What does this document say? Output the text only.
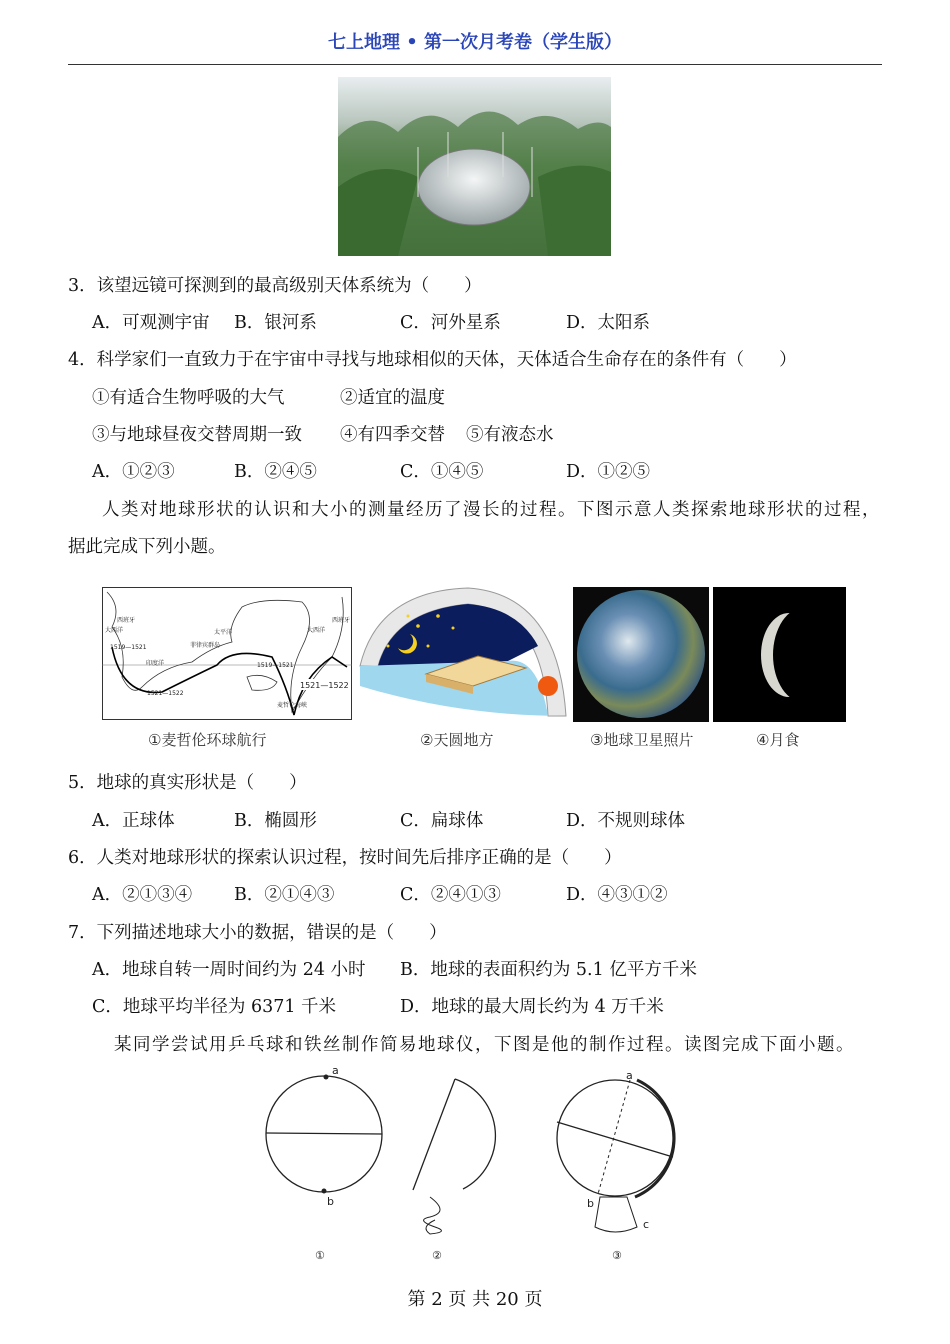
七上地理 • 第一次月考卷（学生版）
3．该望远镜可探测到的最高级别天体系统为（　　）
A．可观测宇宙 B．银河系	C．河外星系	D．太阳系
4．科学家们一直致力于在宇宙中寻找与地球相似的天体，天体适合生命存在的条件有（　　）
①有适合生物呼吸的大气	②适宜的温度
③与地球昼夜交替周期一致 ④有四季交替 ⑤有液态水
A．①②③	B．②④⑤	C．①④⑤	D．①②⑤
人类对地球形状的认识和大小的测量经历了漫长的过程。下图示意人类探索地球形状的过程，
据此完成下列小题。
太平洋
印度洋
大西洋	大西洋
西班牙	西班牙
菲律宾群岛
麦哲伦海峡
1519—1521
1519—1521
1521—1522
1521—1522
①麦哲伦环球航行	②天圆地方	③地球卫星照片	④月食
5．地球的真实形状是（　　）
A．正球体	B．椭圆形	C．扁球体	D．不规则球体
6．人类对地球形状的探索认识过程，按时间先后排序正确的是（　　）
A．②①③④ B．②①④③	C．②④①③	D．④③①②
7．下列描述地球大小的数据，错误的是（　　）
A．地球自转一周时间约为 24 小时 B．地球的表面积约为 5.1 亿平方千米
C．地球平均半径为 6371 千米	D．地球的最大周长约为 4 万千米
某同学尝试用乒乓球和铁丝制作简易地球仪，下图是他的制作过程。读图完成下面小题。
a
b
a
b
c
①	②	③
第 2 页 共 20 页
